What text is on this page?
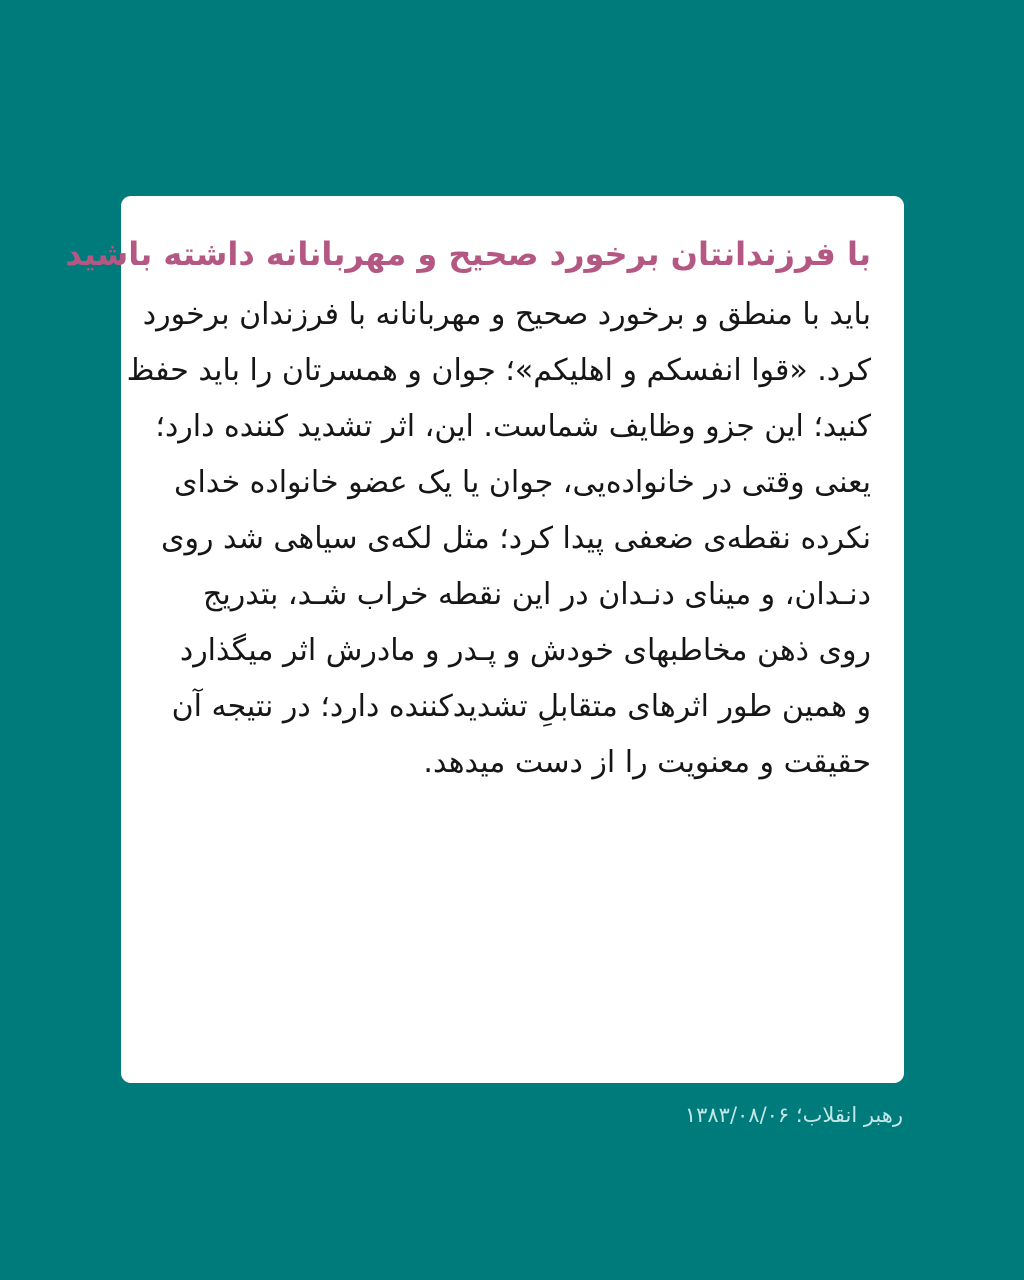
با فرزندانتان برخورد صحیح و مهربانانه داشته باشید
باید با منطق و برخورد صحیح و مهربانانه با فرزندان برخورد
کرد. «قوا انفسکم و اهلیکم»؛ جوان و همسرتان را باید حفظ
کنید؛ این جزو وظایف شماست. این، اثر تشدید کننده دارد؛
یعنی وقتی در خانواده‌یی، جوان یا یک عضو خانواده خدای
نکرده نقطه‌ی ضعفی پیدا کرد؛ مثل لکه‌ی سیاهی شد روی
دنـدان، و مینای دنـدان در این نقطه خراب شـد، بتدریج
روی ذهن مخاطبهای خودش و پـدر و مادرش اثر میگذارد
و همین طور اثرهای متقابلِ تشدیدکننده دارد؛ در نتیجه آن
حقیقت و معنویت را از دست میدهد.
رهبر انقلاب؛ ۱۳۸۳/۰۸/۰۶
